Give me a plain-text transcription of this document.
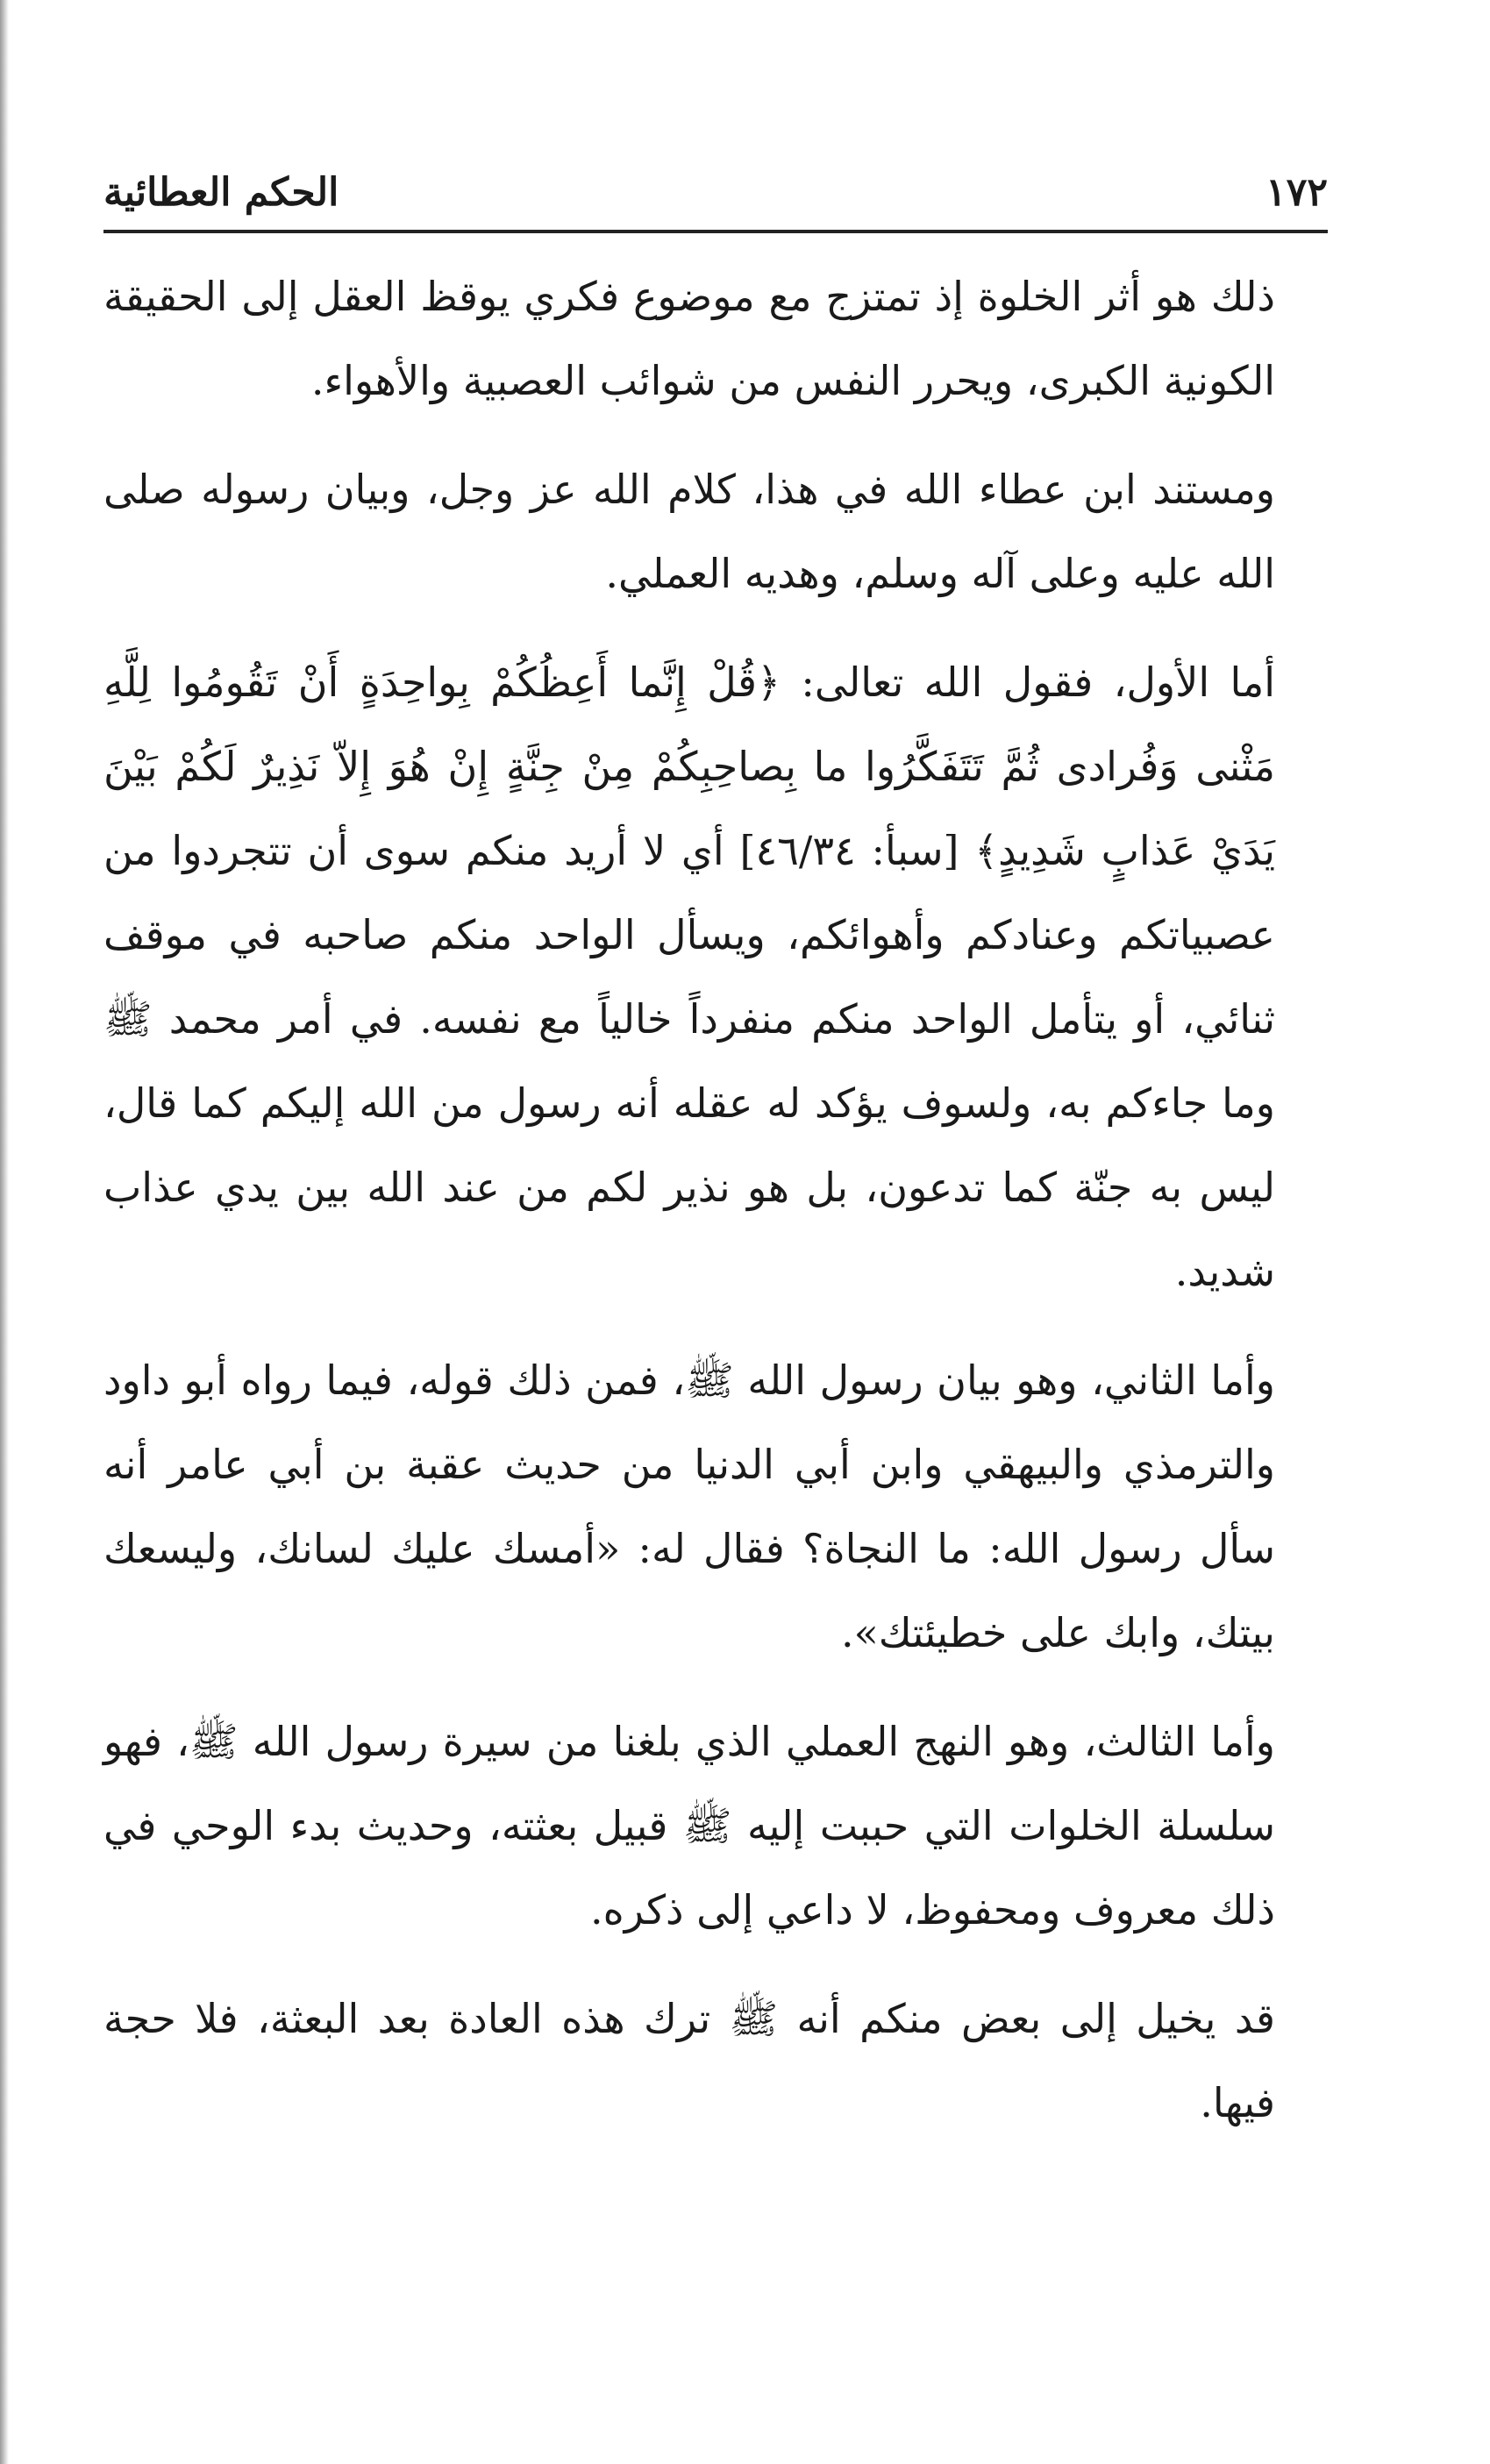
١٧٢
الحكم العطائية

ذلك هو أثر الخلوة إذ تمتزج مع موضوع فكري يوقظ العقل إلى الحقيقة الكونية الكبرى، ويحرر النفس من شوائب العصبية والأهواء.

ومستند ابن عطاء الله في هذا، كلام الله عز وجل، وبيان رسوله صلى الله عليه وعلى آله وسلم، وهديه العملي.

أما الأول، فقول الله تعالى: ﴿قُلْ إِنَّما أَعِظُكُمْ بِواحِدَةٍ أَنْ تَقُومُوا لِلَّهِ مَثْنى وَفُرادى ثُمَّ تَتَفَكَّرُوا ما بِصاحِبِكُمْ مِنْ جِنَّةٍ إِنْ هُوَ إِلاّ نَذِيرٌ لَكُمْ بَيْنَ يَدَيْ عَذابٍ شَدِيدٍ﴾ [سبأ: ٤٦/٣٤] أي لا أريد منكم سوى أن تتجردوا من عصبياتكم وعنادكم وأهوائكم، ويسأل الواحد منكم صاحبه في موقف ثنائي، أو يتأمل الواحد منكم منفرداً خالياً مع نفسه. في أمر محمد ﷺ وما جاءكم به، ولسوف يؤكد له عقله أنه رسول من الله إليكم كما قال، ليس به جنّة كما تدعون، بل هو نذير لكم من عند الله بين يدي عذاب شديد.

وأما الثاني، وهو بيان رسول الله ﷺ، فمن ذلك قوله، فيما رواه أبو داود والترمذي والبيهقي وابن أبي الدنيا من حديث عقبة بن أبي عامر أنه سأل رسول الله: ما النجاة؟ فقال له: «أمسك عليك لسانك، وليسعك بيتك، وابك على خطيئتك».

وأما الثالث، وهو النهج العملي الذي بلغنا من سيرة رسول الله ﷺ، فهو سلسلة الخلوات التي حببت إليه ﷺ قبيل بعثته، وحديث بدء الوحي في ذلك معروف ومحفوظ، لا داعي إلى ذكره.

قد يخيل إلى بعض منكم أنه ﷺ ترك هذه العادة بعد البعثة، فلا حجة فيها.
